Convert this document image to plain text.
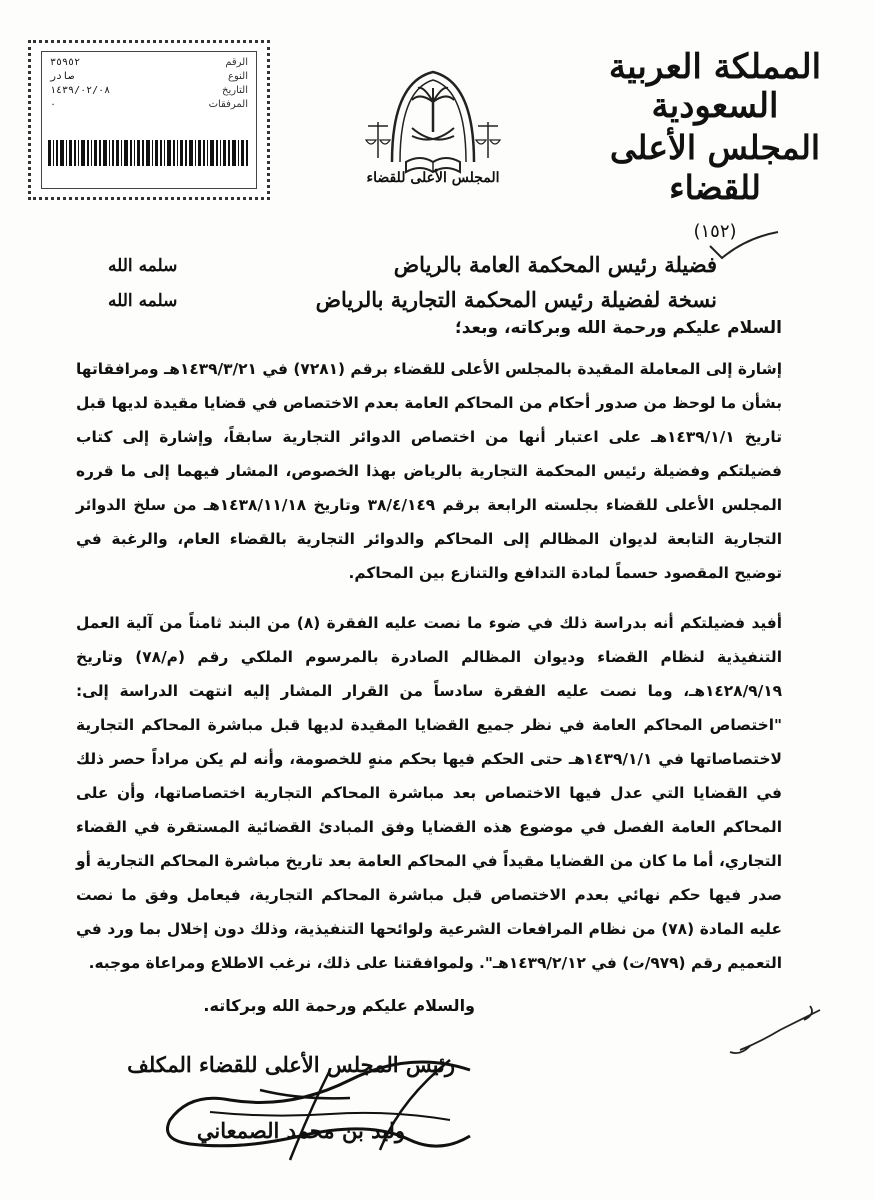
المملكة العربية السعودية
المجلس الأعلى للقضاء
(١٥٢)
المجلس الأعلى للقضاء
الرقم
٣٥٩٥٢
النوع
صادر
التاريخ
١٤٣٩/٠٢/٠٨
المرفقات
٠
فضيلة رئيس المحكمة العامة بالرياض
سلمه الله
نسخة لفضيلة رئيس المحكمة التجارية بالرياض
سلمه الله
السلام عليكم ورحمة الله وبركاته، وبعد؛
إشارة إلى المعاملة المقيدة بالمجلس الأعلى للقضاء برقم (٧٢٨١) في ١٤٣٩/٣/٢١هـ ومرافقاتها بشأن ما لوحظ من صدور أحكام من المحاكم العامة بعدم الاختصاص في قضايا مقيدة لديها قبل تاريخ ١٤٣٩/١/١هـ على اعتبار أنها من اختصاص الدوائر التجارية سابقاً، وإشارة إلى كتاب فضيلتكم وفضيلة رئيس المحكمة التجارية بالرياض بهذا الخصوص، المشار فيهما إلى ما قرره المجلس الأعلى للقضاء بجلسته الرابعة برقم ٣٨/٤/١٤٩ وتاريخ ١٤٣٨/١١/١٨هـ من سلخ الدوائر التجارية التابعة لديوان المظالم إلى المحاكم والدوائر التجارية بالقضاء العام، والرغبة في توضيح المقصود حسماً لمادة التدافع والتنازع بين المحاكم.
أفيد فضيلتكم أنه بدراسة ذلك في ضوء ما نصت عليه الفقرة (٨) من البند ثامناً من آلية العمل التنفيذية لنظام القضاء وديوان المظالم الصادرة بالمرسوم الملكي رقم (م/٧٨) وتاريخ ١٤٢٨/٩/١٩هـ، وما نصت عليه الفقرة سادساً من القرار المشار إليه انتهت الدراسة إلى: "اختصاص المحاكم العامة في نظر جميع القضايا المقيدة لديها قبل مباشرة المحاكم التجارية لاختصاصاتها في ١٤٣٩/١/١هـ حتى الحكم فيها بحكم منهٍ للخصومة، وأنه لم يكن مراداً حصر ذلك في القضايا التي عدل فيها الاختصاص بعد مباشرة المحاكم التجارية اختصاصاتها، وأن على المحاكم العامة الفصل في موضوع هذه القضايا وفق المبادئ القضائية المستقرة في القضاء التجاري، أما ما كان من القضايا مقيداً في المحاكم العامة بعد تاريخ مباشرة المحاكم التجارية أو صدر فيها حكم نهائي بعدم الاختصاص قبل مباشرة المحاكم التجارية، فيعامل وفق ما نصت عليه المادة (٧٨) من نظام المرافعات الشرعية ولوائحها التنفيذية، وذلك دون إخلال بما ورد في التعميم رقم (٩٧٩/ت) في ١٤٣٩/٢/١٢هـ". ولموافقتنا على ذلك، نرغب الاطلاع ومراعاة موجبه.
والسلام عليكم ورحمة الله وبركاته.
رئيس المجلس الأعلى للقضاء المكلف
وليد بن محمد الصمعاني
